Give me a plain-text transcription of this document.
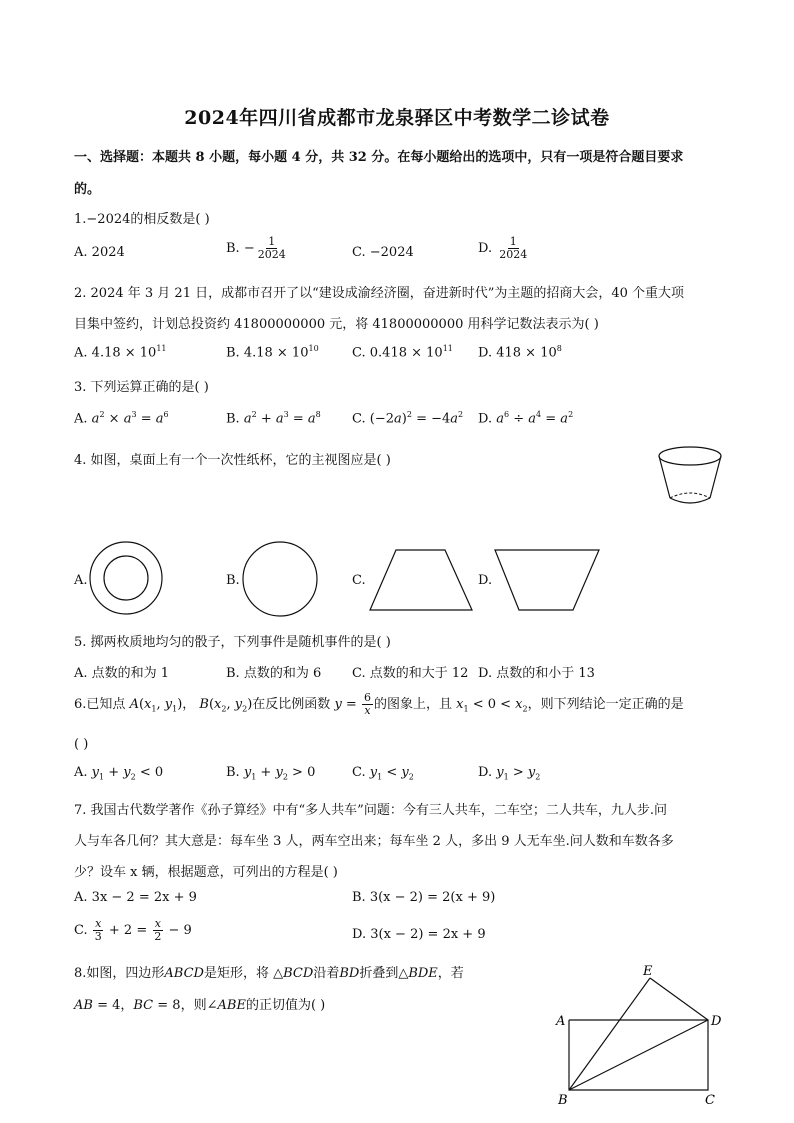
2024年四川省成都市龙泉驿区中考数学二诊试卷
一、选择题：本题共 8 小题，每小题 4 分，共 32 分。在每小题给出的选项中，只有一项是符合题目要求
的。
1.−2024的相反数是( )
A. 2024	B. − $\frac{1}{2024}$	C. −2024	D. $\frac{1}{2024}$
2. 2024 年 3 月 21 日，成都市召开了以“建设成渝经济圈，奋进新时代”为主题的招商大会，40 个重大项
目集中签约，计划总投资约 41800000000 元，将 41800000000 用科学记数法表示为( )
A. $4.18 \times 10^{11}$	B. $4.18 \times 10^{10}$	C. $0.418 \times 10^{11}$ D. $418 \times 10^8$
3. 下列运算正确的是( )
A. $a^2 \times a^3 = a^6$	B. $a^2 + a^3 = a^8$ C. $(-2a)^2 = -4a^2$ D. $a^6 \div a^4 = a^2$
4. 如图，桌面上有一个一次性纸杯，它的主视图应是( )
A.	B.	C.	D.
5. 掷两枚质地均匀的骰子，下列事件是随机事件的是( )
A. 点数的和为 1	B. 点数的和为 6 C. 点数的和大于 12 D. 点数的和小于 13
6.已知点 $A(x_1$, $y_1$)， $B(x_2$, $y_2$)在反比例函数 $y = \frac{6}{x}$ 的图象上，且 $x_1 < 0 < x_2$，则下列结论一定正确的是
( )
A. $y_1 + y_2 < 0$	B. $y_1 + y_2 > 0$	C. $y_1 < y_2$	D. $y_1 > y_2$
7. 我国古代数学著作《孙子算经》中有“多人共车”问题：今有三人共车，二车空；二人共车，九人步.问
人与车各几何？其大意是：每车坐 3 人，两车空出来；每车坐 2 人，多出 9 人无车坐.问人数和车数各多
少？设车 x 辆，根据题意，可列出的方程是( )
A. 3x − 2 = 2x + 9	B. 3(x − 2) = 2(x + 9)
C. $\frac{x}{3} + 2 = \frac{x}{2} - 9$	D. 3(x − 2) = 2x + 9
8.如图，四边形ABCD是矩形，将 △BCD沿着BD折叠到△BDE，若
AB = 4，BC = 8，则∠ABE的正切值为( )
E
A	D
B	C
